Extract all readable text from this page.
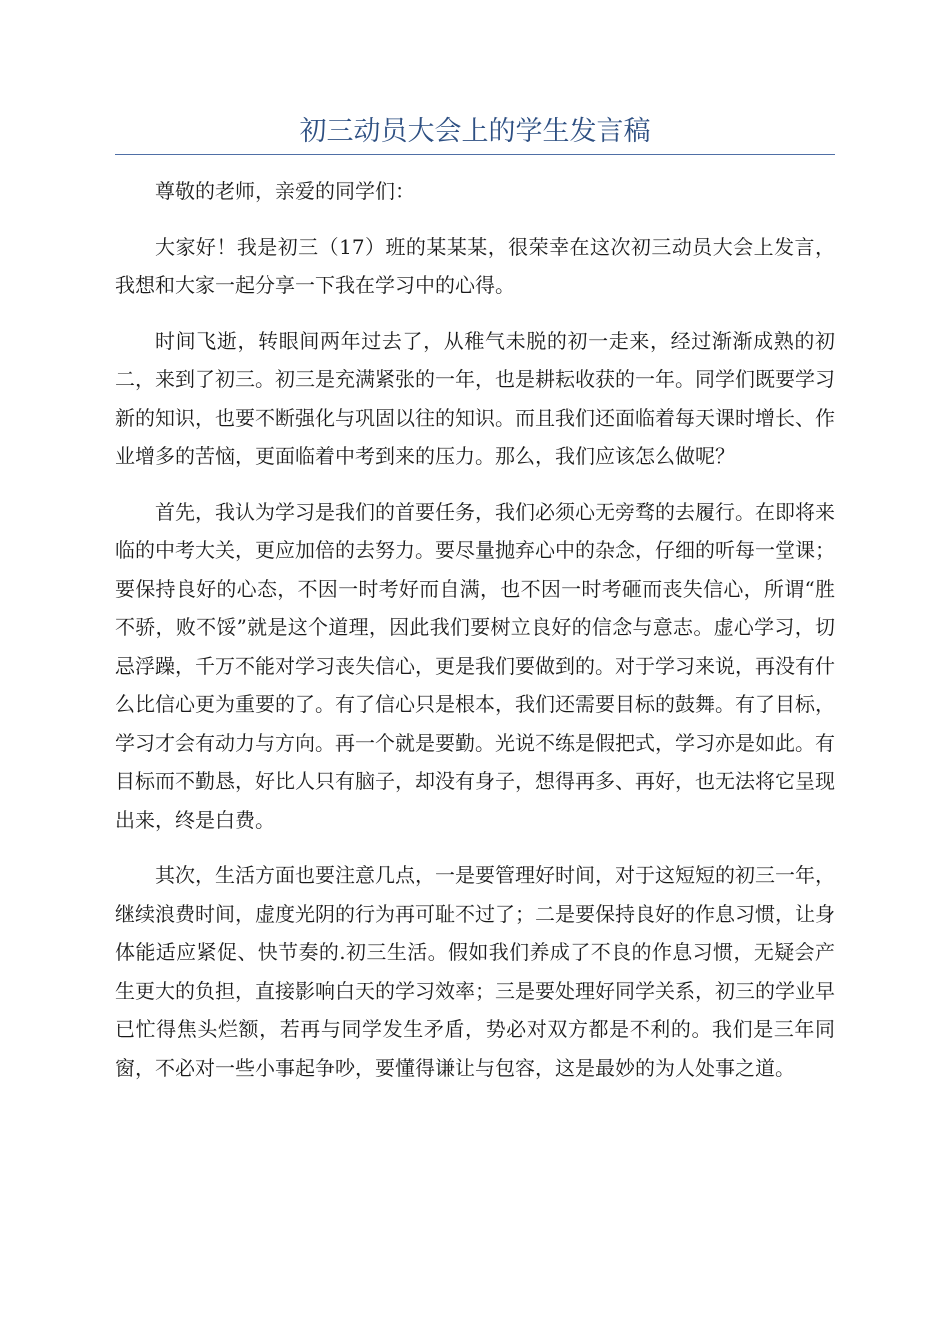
初三动员大会上的学生发言稿

尊敬的老师，亲爱的同学们：

大家好！我是初三（17）班的某某某，很荣幸在这次初三动员大会上发言，我想和大家一起分享一下我在学习中的心得。

时间飞逝，转眼间两年过去了，从稚气未脱的初一走来，经过渐渐成熟的初二，来到了初三。初三是充满紧张的一年，也是耕耘收获的一年。同学们既要学习新的知识，也要不断强化与巩固以往的知识。而且我们还面临着每天课时增长、作业增多的苦恼，更面临着中考到来的压力。那么，我们应该怎么做呢？

首先，我认为学习是我们的首要任务，我们必须心无旁骛的去履行。在即将来临的中考大关，更应加倍的去努力。要尽量抛弃心中的杂念，仔细的听每一堂课；要保持良好的心态，不因一时考好而自满，也不因一时考砸而丧失信心，所谓“胜不骄，败不馁”就是这个道理，因此我们要树立良好的信念与意志。虚心学习，切忌浮躁，千万不能对学习丧失信心，更是我们要做到的。对于学习来说，再没有什么比信心更为重要的了。有了信心只是根本，我们还需要目标的鼓舞。有了目标，学习才会有动力与方向。再一个就是要勤。光说不练是假把式，学习亦是如此。有目标而不勤恳，好比人只有脑子，却没有身子，想得再多、再好，也无法将它呈现出来，终是白费。

其次，生活方面也要注意几点，一是要管理好时间，对于这短短的初三一年，继续浪费时间，虚度光阴的行为再可耻不过了；二是要保持良好的作息习惯，让身体能适应紧促、快节奏的.初三生活。假如我们养成了不良的作息习惯，无疑会产生更大的负担，直接影响白天的学习效率；三是要处理好同学关系，初三的学业早已忙得焦头烂额，若再与同学发生矛盾，势必对双方都是不利的。我们是三年同窗，不必对一些小事起争吵，要懂得谦让与包容，这是最妙的为人处事之道。
